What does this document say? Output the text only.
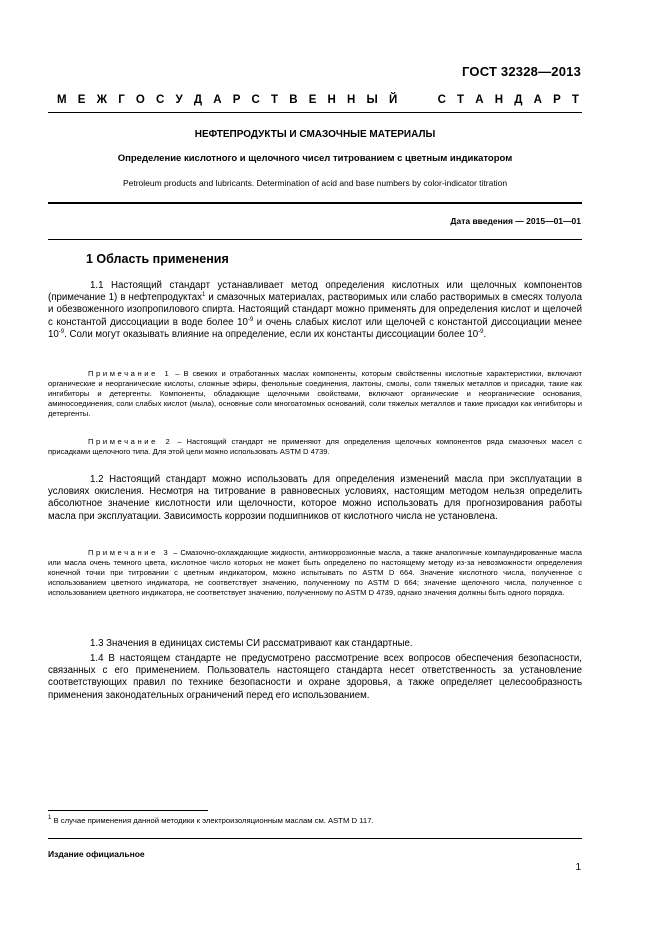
ГОСТ 32328—2013
М Е Ж Г О С У Д А Р С Т В Е Н Н Ы Й	С Т А Н Д А Р Т
НЕФТЕПРОДУКТЫ И СМАЗОЧНЫЕ МАТЕРИАЛЫ
Определение кислотного и щелочного чисел титрованием с цветным индикатором
Petroleum products and lubricants. Determination of acid and base numbers by color-indicator titration
Дата введения — 2015—01—01
1 Область применения

1.1 Настоящий стандарт устанавливает метод определения кислотных или щелочных компонентов (примечание 1) в нефтепродуктах$^1$ и смазочных материалах, растворимых или слабо растворимых в смесях толуола и обезвоженного изопропилового спирта. Настоящий стандарт можно применять для определения кислот и щелочей с константой диссоциации в воде более $10^{-9}$ и очень слабых кислот или щелочей с константой диссоциации менее $10^{-9}$. Соли могут оказывать влияние на определение, если их константы диссоциации более $10^{-9}$.

Примечание 1 – В свежих и отработанных маслах компоненты, которым свойственны кислотные характеристики, включают органические и неорганические кислоты, сложные эфиры, фенольные соединения, лактоны, смолы, соли тяжелых металлов и присадки, такие как ингибиторы и детергенты. Компоненты, обладающие щелочными свойствами, включают органические и неорганические основания, аминосоединения, соли слабых кислот (мыла), основные соли многоатомных оснований, соли тяжелых металлов и такие присадки как ингибиторы и детергенты.

Примечание 2 – Настоящий стандарт не применяют для определения щелочных компонентов ряда смазочных масел с присадками щелочного типа. Для этой цели можно использовать ASTM D 4739.

1.2 Настоящий стандарт можно использовать для определения изменений масла при эксплуатации в условиях окисления. Несмотря на титрование в равновесных условиях, настоящим методом нельзя определить абсолютное значение кислотности или щелочности, которое можно использовать для прогнозирования работы масла при эксплуатации. Зависимость коррозии подшипников от кислотного числа не установлена.

Примечание 3 – Смазочно-охлаждающие жидкости, антикоррозионные масла, а также аналогичные компаундированные масла или масла очень темного цвета, кислотное число которых не может быть определено по настоящему методу из-за невозможности определения конечной точки при титровании с цветным индикатором, можно испытывать по ASTM D 664. Значение кислотного числа, полученное с использованием цветного индикатора, не соответствует значению, полученному по ASTM D 664; значение щелочного числа, полученное с использованием цветного индикатора, не соответствует значению, полученному по ASTM D 4739, однако значения должны быть одного порядка.

1.3 Значения в единицах системы СИ рассматривают как стандартные.

1.4 В настоящем стандарте не предусмотрено рассмотрение всех вопросов обеспечения безопасности, связанных с его применением. Пользователь настоящего стандарта несет ответственность за установление соответствующих правил по технике безопасности и охране здоровья, а также определяет целесообразность применения законодательных ограничений перед его использованием.

$^1$ В случае применения данной методики к электроизоляционным маслам см. ASTM D 117.
Издание официальное
1
